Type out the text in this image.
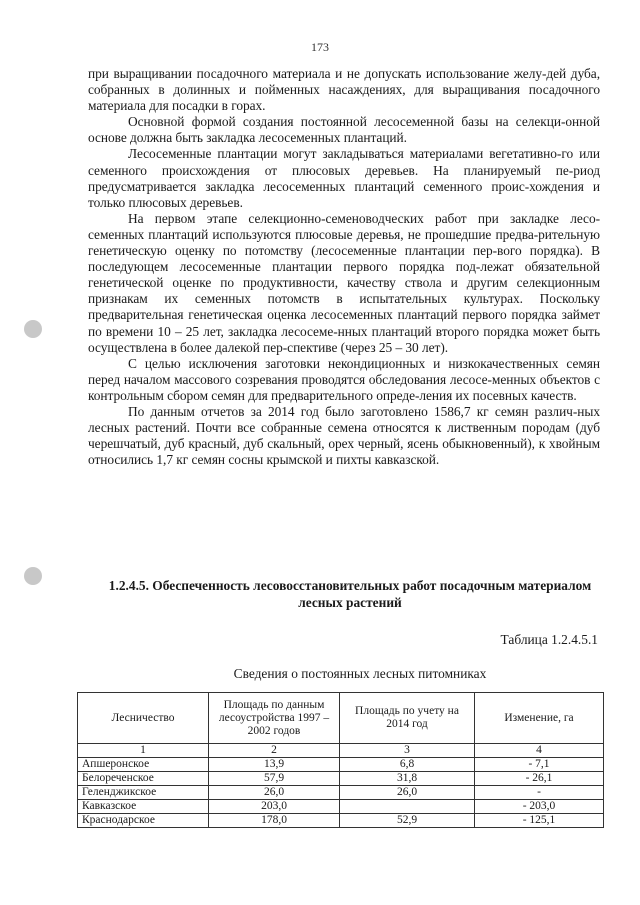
173

при выращивании посадочного материала и не допускать использование желу-дей дуба, собранных в долинных и пойменных насаждениях, для выращивания посадочного материала для посадки в горах.

Основной формой создания постоянной лесосеменной базы на селекци-онной основе должна быть закладка лесосеменных плантаций.

Лесосеменные плантации могут закладываться материалами вегетативно-го или семенного происхождения от плюсовых деревьев. На планируемый пе-риод предусматривается закладка лесосеменных плантаций семенного проис-хождения и только плюсовых деревьев.

На первом этапе селекционно-семеноводческих работ при закладке лесо-семенных плантаций используются плюсовые деревья, не прошедшие предва-рительную генетическую оценку по потомству (лесосеменные плантации пер-вого порядка). В последующем лесосеменные плантации первого порядка под-лежат обязательной генетической оценке по продуктивности, качеству ствола и другим селекционным признакам их семенных потомств в испытательных культурах. Поскольку предварительная генетическая оценка лесосеменных плантаций первого порядка займет по времени 10 – 25 лет, закладка лесосеме-нных плантаций второго порядка может быть осуществлена в более далекой пер-спективе (через 25 – 30 лет).

С целью исключения заготовки некондиционных и низкокачественных семян перед началом массового созревания проводятся обследования лесосе-менных объектов с контрольным сбором семян для предварительного опреде-ления их посевных качеств.

По данным отчетов за 2014 год было заготовлено 1586,7 кг семян различ-ных лесных растений. Почти все собранные семена относятся к лиственным породам (дуб черешчатый, дуб красный, дуб скальный, орех черный, ясень обыкновенный), к хвойным относились 1,7 кг семян сосны крымской и пихты кавказской.

1.2.4.5. Обеспеченность лесовосстановительных работ посадочным материалом лесных растений
Таблица 1.2.4.5.1
Сведения о постоянных лесных питомниках
Лесничество	Площадь по данным лесоустройства 1997 – 2002 годов	Площадь по учету на 2014 год	Изменение, га
1	2	3	4
Апшеронское	13,9	6,8	- 7,1
Белореченское	57,9	31,8	- 26,1
Геленджикское	26,0	26,0	-
Кавказское	203,0		- 203,0
Краснодарское	178,0	52,9	- 125,1
